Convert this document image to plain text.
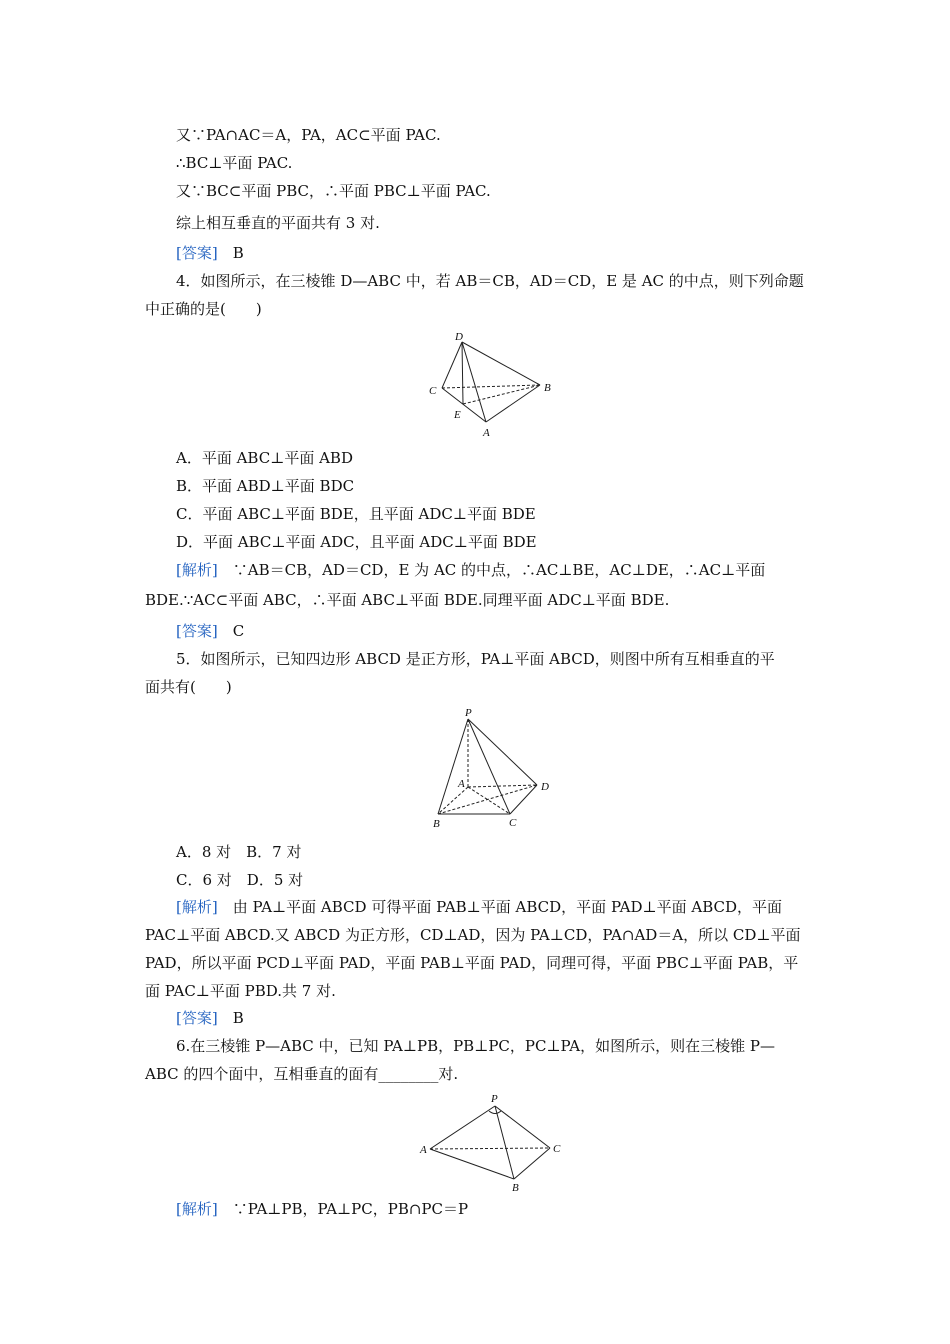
又∵PA∩AC＝A，PA，AC⊂平面 PAC.
∴BC⊥平面 PAC.
又∵BC⊂平面 PBC，∴平面 PBC⊥平面 PAC.
综上相互垂直的平面共有 3 对.
[答案]　 B
4．如图所示，在三棱锥 D—ABC 中，若 AB＝CB，AD＝CD，E 是 AC 的中点，则下列命题
中正确的是(　　)
D
C	B
E
A
A．平面 ABC⊥平面 ABD
B．平面 ABD⊥平面 BDC
C．平面 ABC⊥平面 BDE，且平面 ADC⊥平面 BDE
D．平面 ABC⊥平面 ADC，且平面 ADC⊥平面 BDE
[解析]　 ∵AB＝CB，AD＝CD，E 为 AC 的中点，∴AC⊥BE，AC⊥DE，∴AC⊥平面
BDE.∵AC⊂平面 ABC，∴平面 ABC⊥平面 BDE.同理平面 ADC⊥平面 BDE.
[答案]　 C
5．如图所示，已知四边形 ABCD 是正方形，PA⊥平面 ABCD，则图中所有互相垂直的平
面共有(　　)
P
A	D
B	C
A．8 对　B．7 对
C．6 对　D．5 对
[解析]　 由 PA⊥平面 ABCD 可得平面 PAB⊥平面 ABCD，平面 PAD⊥平面 ABCD，平面
PAC⊥平面 ABCD.又 ABCD 为正方形，CD⊥AD，因为 PA⊥CD，PA∩AD＝A，所以 CD⊥平面
PAD，所以平面 PCD⊥平面 PAD，平面 PAB⊥平面 PAD，同理可得，平面 PBC⊥平面 PAB，平
面 PAC⊥平面 PBD.共 7 对.
[答案]　 B
6.在三棱锥 P—ABC 中，已知 PA⊥PB，PB⊥PC，PC⊥PA，如图所示，则在三棱锥 P—
ABC 的四个面中，互相垂直的面有________对.
P
A	C
B
[解析]　 ∵PA⊥PB，PA⊥PC，PB∩PC＝P
